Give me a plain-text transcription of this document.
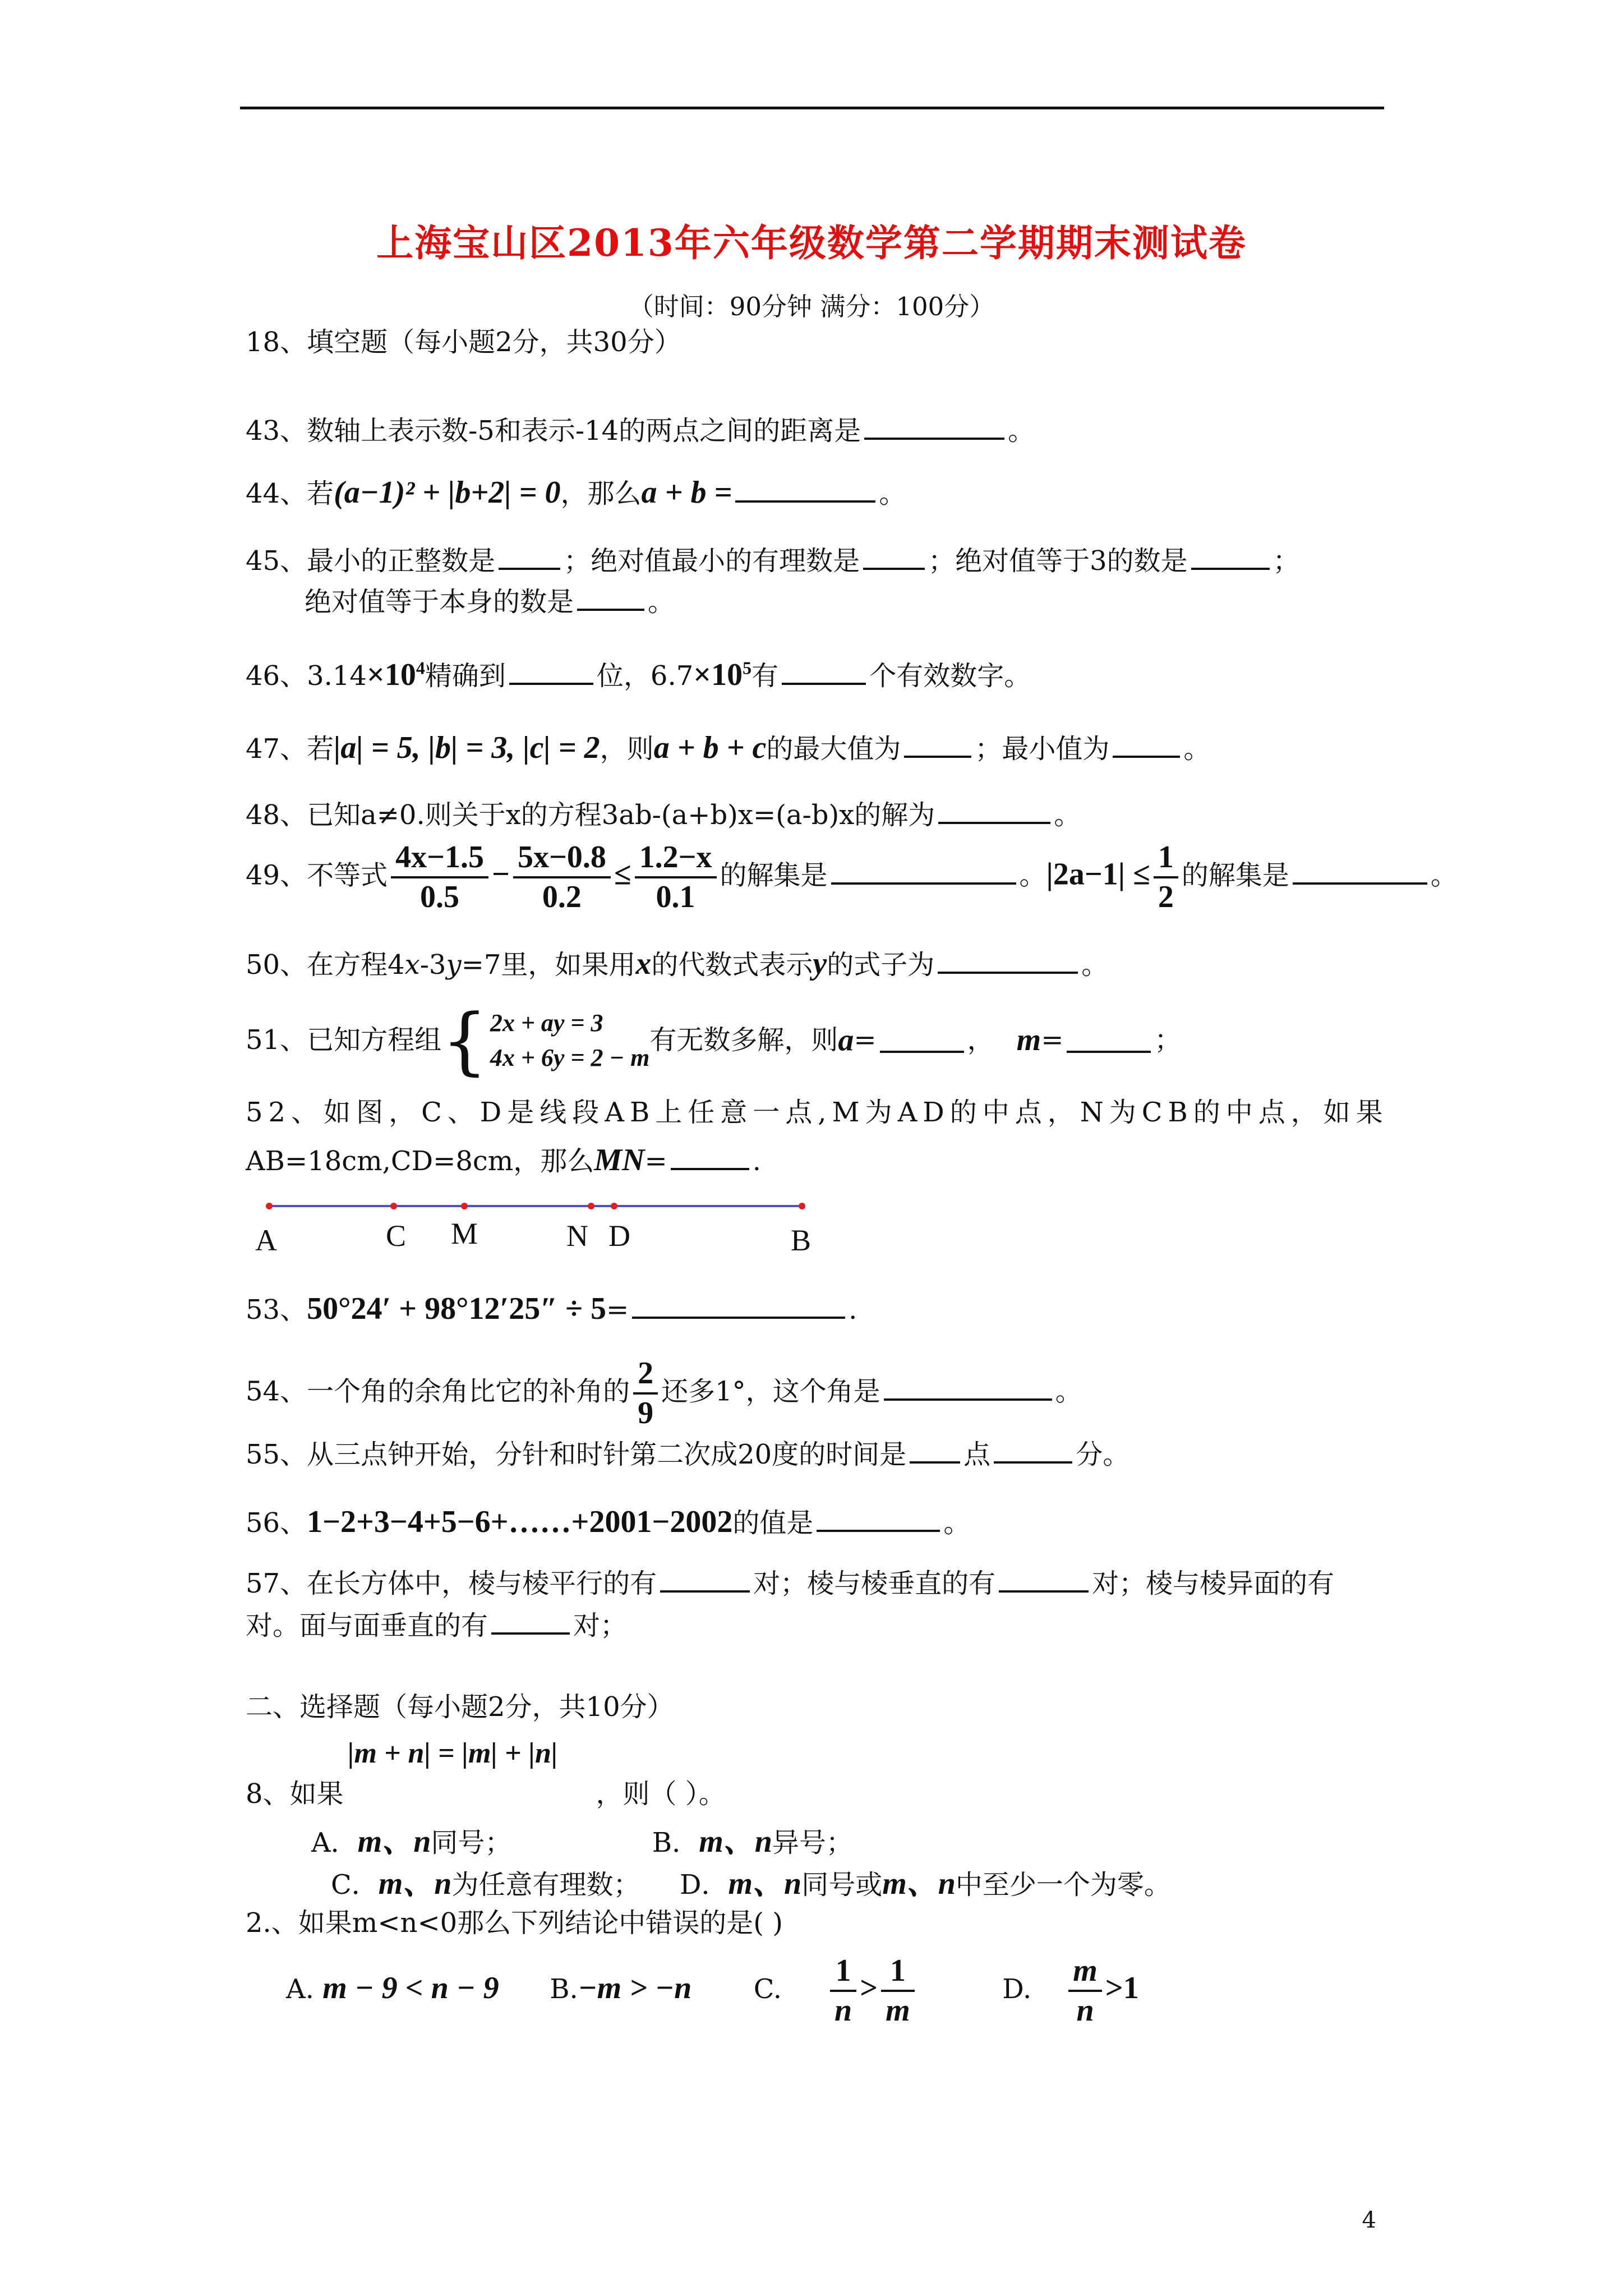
上海宝山区2013年六年级数学第二学期期末测试卷
（时间：90分钟 满分：100分）
18、填空题（每小题2分，共30分）
43、数轴上表示数-5和表示-14的两点之间的距离是	。
44、若(a−1)² + |b+2| = 0，那么a + b =	。
45、最小的正整数是	；绝对值最小的有理数是	；绝对值等于3的数是	；
绝对值等于本身的数是	。
46、$3.14\times 10^4$精确到	位，$6.7\times 10^5$有	个有效数字。
47、若|a| = 5, |b| = 3, |c| = 2，则a + b + c的最大值为	；最小值为	。
48、已知a≠0.则关于x的方程3ab-(a+b)x=(a-b)x的解为	。
49、不等式 $\frac{4x-1.5}{0.5} - \frac{5x-0.8}{0.2} \le \frac{1.2-x}{0.1}$ 的解集是	。$|2a-1| \le \frac{1}{2}$ 的解集是	。
50、在方程4x-3y=7里，如果用x的代数式表示y的式子为	。
51、已知方程组{ 2x + ay = 3
4x + 6y = 2 − m
有无数多解，则a=	， m=	；
52、如图，C、D是线段AB上任意一点,M为AD的中点，N为CB的中点，如果
AB=18cm,CD=8cm，那么MN=	.
A	C M	N D	B
53、50°24′ + 98°12′25″ ÷ 5=	.
54、一个角的余角比它的补角的 $\frac{2}{9}$ 还多1°，这个角是	。
55、从三点钟开始，分针和时针第二次成20度的时间是 点	分。
56、1−2+3−4+5−6+……+2001−2002的值是	。
57、在长方体中，棱与棱平行的有	对；棱与棱垂直的有	对；棱与棱异面的有
对。面与面垂直的有	对；
二、选择题（每小题2分，共10分）
|m + n| = |m| + |n|
8、如果	，则（ ）。
A．m、n同号；	B．m、n异号；
C．m、n为任意有理数； D．m、n同号或m、n中至少一个为零。
2.、如果m<n<0那么下列结论中错误的是( )
A. m − 9 < n − 9 B.−m > −n C. $\frac{1}{n} > \frac{1}{m}$	D. $\frac{m}{n} >1$
4
